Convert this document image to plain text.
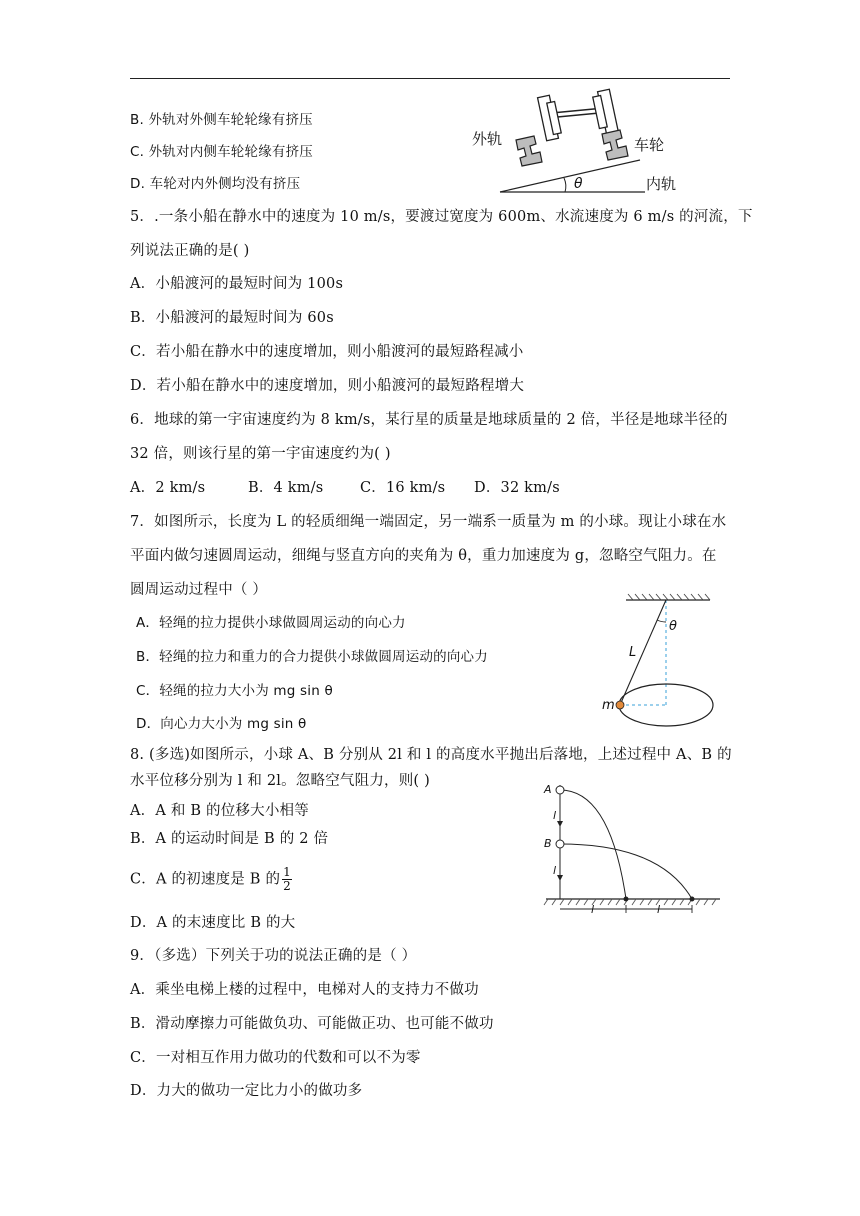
B. 外轨对外侧车轮轮缘有挤压
C. 外轨对内侧车轮轮缘有挤压
D. 车轮对内外侧均没有挤压
外轨	车轮
内轨
θ
5．.一条小船在静水中的速度为 10 m/s，要渡过宽度为 600m、水流速度为 6 m/s 的河流，下
列说法正确的是( )
A．小船渡河的最短时间为 100s
B．小船渡河的最短时间为 60s
C．若小船在静水中的速度增加，则小船渡河的最短路程减小
D．若小船在静水中的速度增加，则小船渡河的最短路程增大
6．地球的第一宇宙速度约为 8 km/s，某行星的质量是地球质量的 2 倍，半径是地球半径的
32 倍，则该行星的第一宇宙速度约为( )
A．2 km/s	B．4 km/s	C．16 km/s D．32 km/s
7．如图所示，长度为 L 的轻质细绳一端固定，另一端系一质量为 m 的小球。现让小球在水
平面内做匀速圆周运动，细绳与竖直方向的夹角为 θ，重力加速度为 g，忽略空气阻力。在
圆周运动过程中（ ）
A．轻绳的拉力提供小球做圆周运动的向心力
B．轻绳的拉力和重力的合力提供小球做圆周运动的向心力
C．轻绳的拉力大小为 mg sin θ
D．向心力大小为 mg sin θ
θ
L
m
8. (多选)如图所示，小球 A、B 分别从 2l 和 l 的高度水平抛出后落地，上述过程中 A、B 的
水平位移分别为 l 和 2l。忽略空气阻力，则( )
A．A 和 B 的位移大小相等
B．A 的运动时间是 B 的 2 倍
C．A 的初速度是 B 的 $\frac{1}{2}$
D．A 的末速度比 B 的大
A
B
l
l
l	l
9．（多选）下列关于功的说法正确的是（ ）
A．乘坐电梯上楼的过程中，电梯对人的支持力不做功
B．滑动摩擦力可能做负功、可能做正功、也可能不做功
C．一对相互作用力做功的代数和可以不为零
D．力大的做功一定比力小的做功多
